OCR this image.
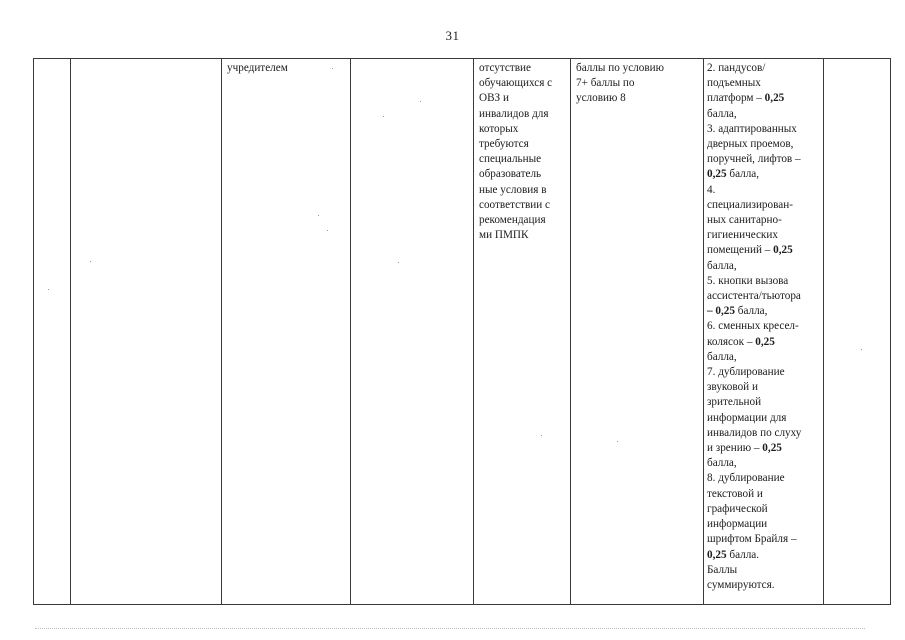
31
учредителем	отсутствие
обучающихся с
ОВЗ и
инвалидов для
которых
требуются
специальные
образователь
ные условия в
соответствии с
рекомендация
ми ПМПК
баллы по условию
7+ баллы по
условию 8
2. пандусов/
подъемных
платформ – 0,25
балла,
3. адаптированных
дверных проемов,
поручней, лифтов –
0,25 балла,
4.
специализирован-
ных санитарно-
гигиенических
помещений – 0,25
балла,
5. кнопки вызова
ассистента/тьютора
– 0,25 балла,
6. сменных кресел-
колясок – 0,25
балла,
7. дублирование
звуковой и
зрительной
информации для
инвалидов по слуху
и зрению – 0,25
балла,
8. дублирование
текстовой и
графической
информации
шрифтом Брайля –
0,25 балла.
Баллы
суммируются.
